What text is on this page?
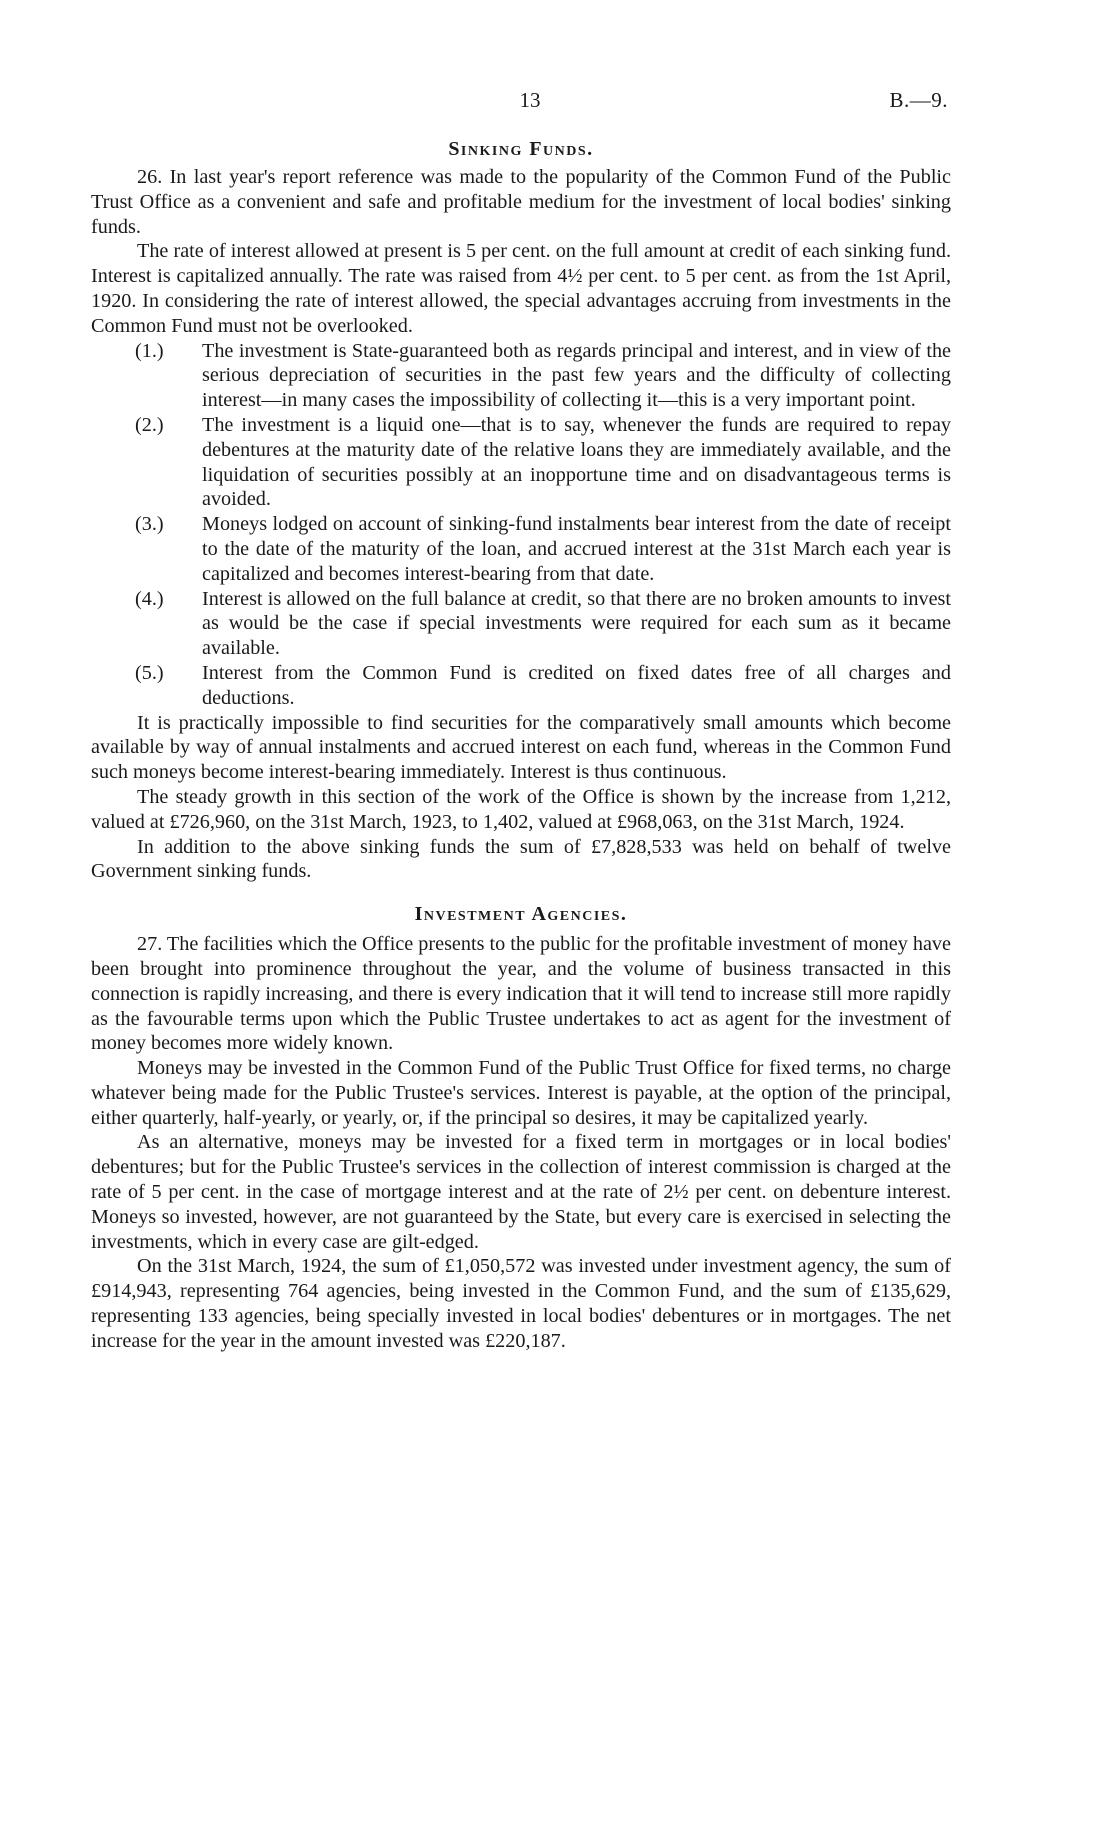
13	B.—9.
Sinking Funds.

26. In last year's report reference was made to the popularity of the Common Fund of the Public Trust Office as a convenient and safe and profitable medium for the investment of local bodies' sinking funds.

The rate of interest allowed at present is 5 per cent. on the full amount at credit of each sinking fund. Interest is capitalized annually. The rate was raised from 4½ per cent. to 5 per cent. as from the 1st April, 1920. In considering the rate of interest allowed, the special advantages accruing from investments in the Common Fund must not be overlooked.

(1.) The investment is State-guaranteed both as regards principal and interest, and in view of the serious depreciation of securities in the past few years and the difficulty of collecting interest—in many cases the impossibility of collecting it—this is a very important point.

(2.) The investment is a liquid one—that is to say, whenever the funds are required to repay debentures at the maturity date of the relative loans they are immediately available, and the liquidation of securities possibly at an inopportune time and on disadvantageous terms is avoided.

(3.) Moneys lodged on account of sinking-fund instalments bear interest from the date of receipt to the date of the maturity of the loan, and accrued interest at the 31st March each year is capitalized and becomes interest-bearing from that date.

(4.) Interest is allowed on the full balance at credit, so that there are no broken amounts to invest as would be the case if special investments were required for each sum as it became available.

(5.) Interest from the Common Fund is credited on fixed dates free of all charges and deductions.

It is practically impossible to find securities for the comparatively small amounts which become available by way of annual instalments and accrued interest on each fund, whereas in the Common Fund such moneys become interest-bearing immediately. Interest is thus continuous.

The steady growth in this section of the work of the Office is shown by the increase from 1,212, valued at £726,960, on the 31st March, 1923, to 1,402, valued at £968,063, on the 31st March, 1924.

In addition to the above sinking funds the sum of £7,828,533 was held on behalf of twelve Government sinking funds.

Investment Agencies.

27. The facilities which the Office presents to the public for the profitable investment of money have been brought into prominence throughout the year, and the volume of business transacted in this connection is rapidly increasing, and there is every indication that it will tend to increase still more rapidly as the favourable terms upon which the Public Trustee undertakes to act as agent for the investment of money becomes more widely known.

Moneys may be invested in the Common Fund of the Public Trust Office for fixed terms, no charge whatever being made for the Public Trustee's services. Interest is payable, at the option of the principal, either quarterly, half-yearly, or yearly, or, if the principal so desires, it may be capitalized yearly.

As an alternative, moneys may be invested for a fixed term in mortgages or in local bodies' debentures; but for the Public Trustee's services in the collection of interest commission is charged at the rate of 5 per cent. in the case of mortgage interest and at the rate of 2½ per cent. on debenture interest. Moneys so invested, however, are not guaranteed by the State, but every care is exercised in selecting the investments, which in every case are gilt-edged.

On the 31st March, 1924, the sum of £1,050,572 was invested under investment agency, the sum of £914,943, representing 764 agencies, being invested in the Common Fund, and the sum of £135,629, representing 133 agencies, being specially invested in local bodies' debentures or in mortgages. The net increase for the year in the amount invested was £220,187.
